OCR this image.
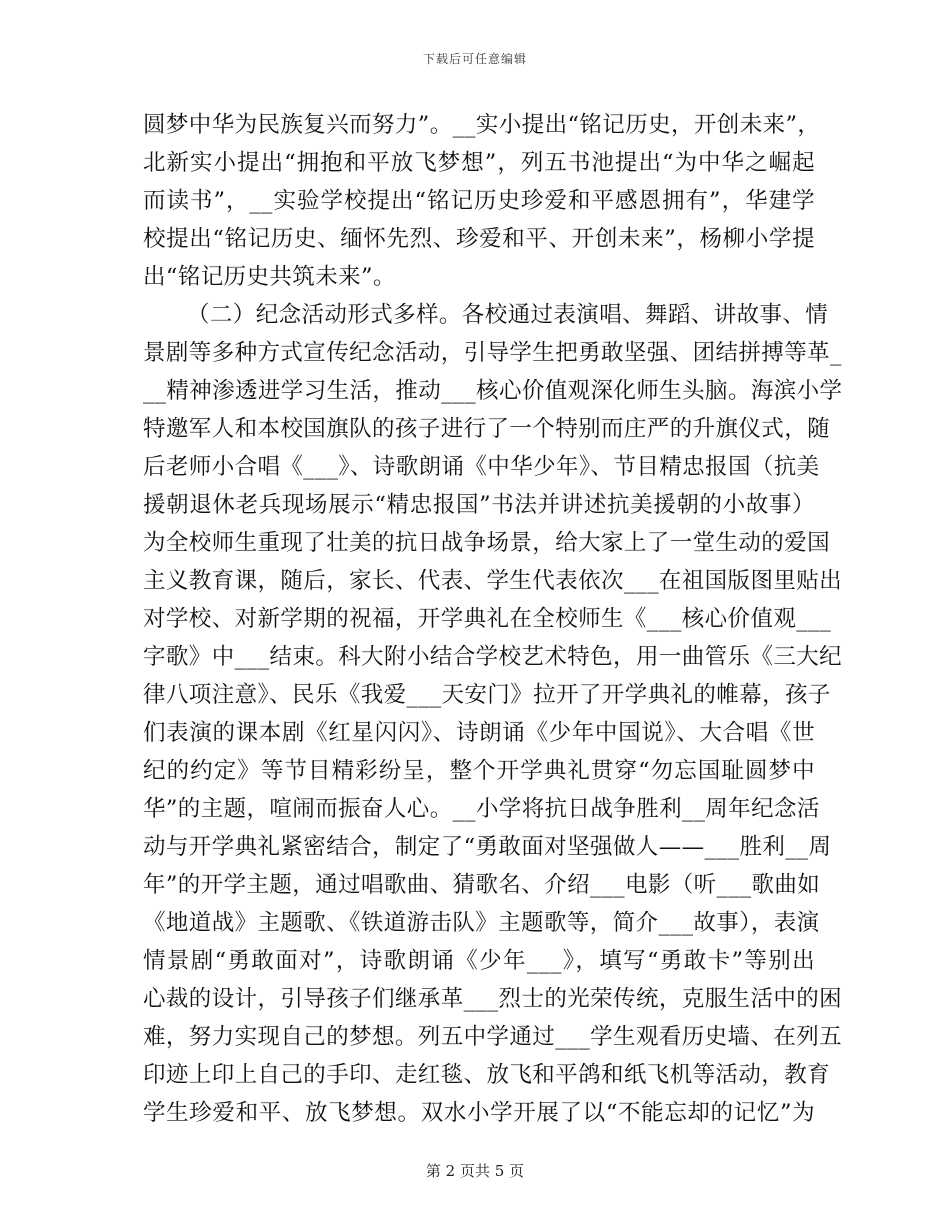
下载后可任意编辑
圆梦中华为民族复兴而努力”。__实小提出“铭记历史，开创未来”，
北新实小提出“拥抱和平放飞梦想”，列五书池提出“为中华之崛起
而读书”，__实验学校提出“铭记历史珍爱和平感恩拥有”，华建学
校提出“铭记历史、缅怀先烈、珍爱和平、开创未来”，杨柳小学提
出“铭记历史共筑未来”。
（二）纪念活动形式多样。各校通过表演唱、舞蹈、讲故事、情
景剧等多种方式宣传纪念活动，引导学生把勇敢坚强、团结拼搏等革_
__精神渗透进学习生活，推动___核心价值观深化师生头脑。海滨小学
特邀军人和本校国旗队的孩子进行了一个特别而庄严的升旗仪式，随
后老师小合唱《___》、诗歌朗诵《中华少年》、节目精忠报国（抗美
援朝退休老兵现场展示“精忠报国”书法并讲述抗美援朝的小故事）
为全校师生重现了壮美的抗日战争场景，给大家上了一堂生动的爱国
主义教育课，随后，家长、代表、学生代表依次___在祖国版图里贴出
对学校、对新学期的祝福，开学典礼在全校师生《___核心价值观___
字歌》中___结束。科大附小结合学校艺术特色，用一曲管乐《三大纪
律八项注意》、民乐《我爱___天安门》拉开了开学典礼的帷幕，孩子
们表演的课本剧《红星闪闪》、诗朗诵《少年中国说》、大合唱《世
纪的约定》等节目精彩纷呈，整个开学典礼贯穿“勿忘国耻圆梦中
华”的主题，喧闹而振奋人心。__小学将抗日战争胜利__周年纪念活
动与开学典礼紧密结合，制定了“勇敢面对坚强做人——___胜利__周
年”的开学主题，通过唱歌曲、猜歌名、介绍___电影（听___歌曲如
《地道战》主题歌、《铁道游击队》主题歌等，简介___故事），表演
情景剧“勇敢面对”，诗歌朗诵《少年___》，填写“勇敢卡”等别出
心裁的设计，引导孩子们继承革___烈士的光荣传统，克服生活中的困
难，努力实现自己的梦想。列五中学通过___学生观看历史墙、在列五
印迹上印上自己的手印、走红毯、放飞和平鸽和纸飞机等活动，教育
学生珍爱和平、放飞梦想。双水小学开展了以“不能忘却的记忆”为
第 2 页共 5 页
